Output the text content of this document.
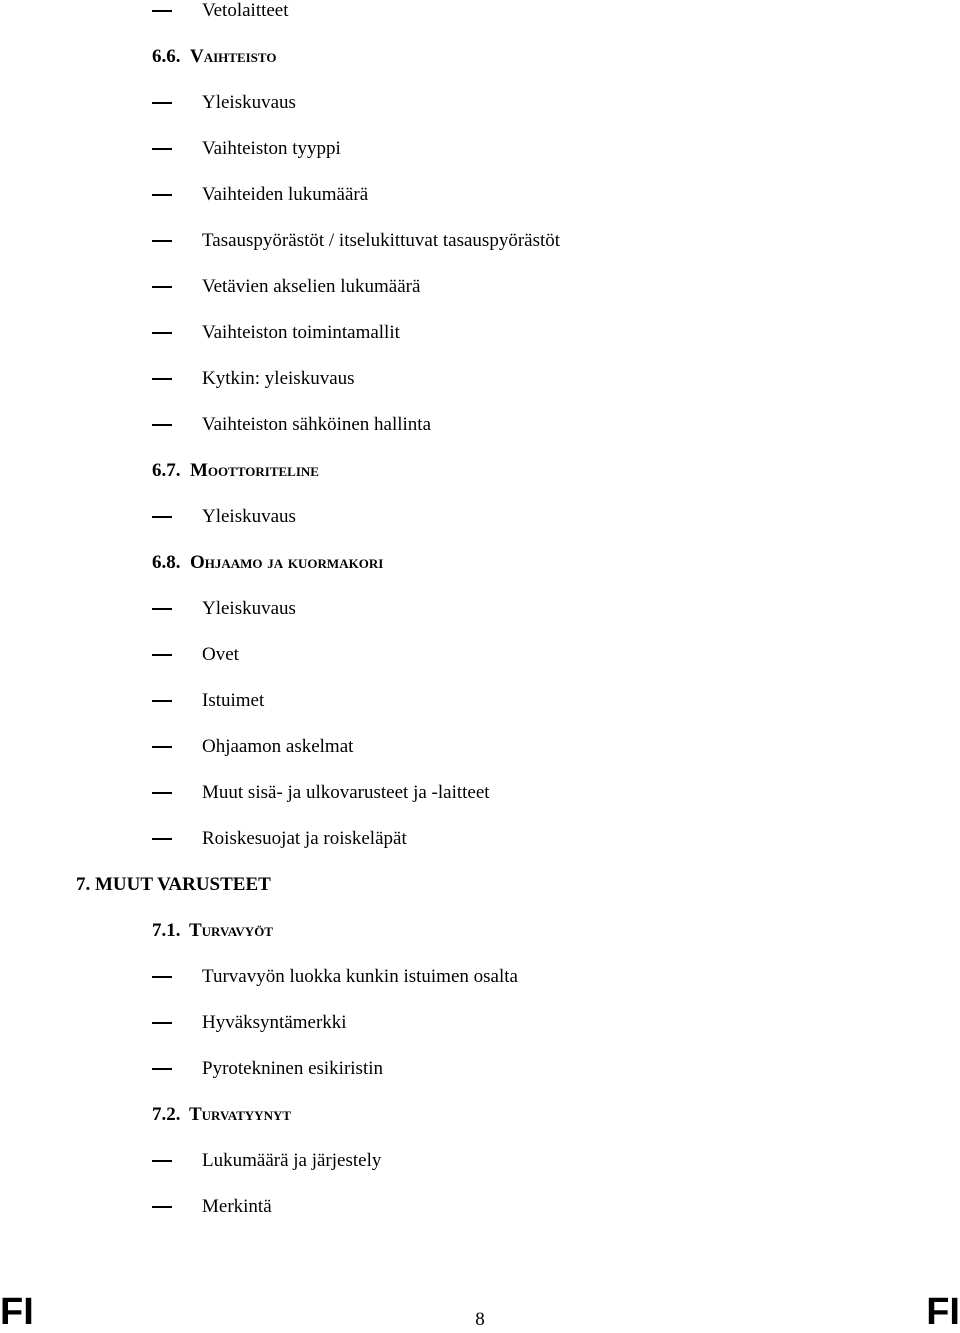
Vetolaitteet
6.6. Vaihteisto
Yleiskuvaus
Vaihteiston tyyppi
Vaihteiden lukumäärä
Tasauspyörästöt / itselukittuvat tasauspyörästöt
Vetävien akselien lukumäärä
Vaihteiston toimintamallit
Kytkin: yleiskuvaus
Vaihteiston sähköinen hallinta
6.7. Moottoriteline
Yleiskuvaus
6.8. Ohjaamo ja kuormakori
Yleiskuvaus
Ovet
Istuimet
Ohjaamon askelmat
Muut sisä- ja ulkovarusteet ja -laitteet
Roiskesuojat ja roiskeläpät
7. MUUT VARUSTEET
7.1. Turvavyöt
Turvavyön luokka kunkin istuimen osalta
Hyväksyntämerkki
Pyrotekninen esikiristin
7.2. Turvatyynyt
Lukumäärä ja järjestely
Merkintä
FI	8	FI
